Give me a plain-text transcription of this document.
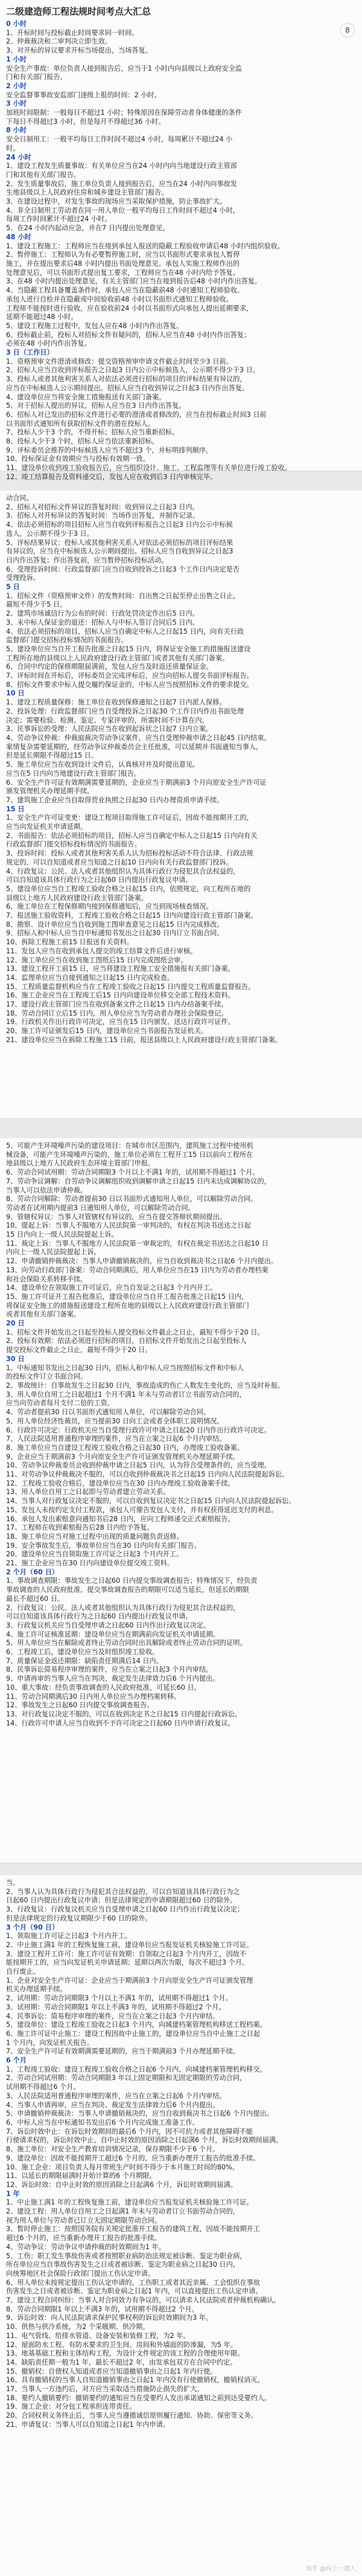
二级建造师工程法规时间考点大汇总
8
0 小时
1、开标时间与投标截止时间要求同一时间。
2、仲裁裁决和二审判决立即生效。
3、对开标的异议要求开标当场提出，当场答复。
1 小时
安全生产事故：单位负责人接到报告后，应当于1 小时内向县级以上政府安全监
门和有关部门报告。
2 小时
安全监督事事故安监部门逐级上报的时间：2 小时。
3 小时
加班时间限制：一般每日不超过1 小时；特殊原因在保障劳动者身体健康的条件
下每日不得超过3 小时，但是每月不得超过36 小时。
8 小时
安全日制用工：一般平均每日工作时间不超过4 小时，每周累计不超过24 小
时。
24 小时
1、建设工程发生质量事故：有关单位应当在24 小时内向当地建设行政主管部
门和其他有关部门报告。
2、发生质量事故后，施工单位负责人接到报告后，应当在24 小时内向事故发
生地县级以上人民政府住房和城乡建设主管部门报告。
3、在建设过程中，对发生事故的现场应当采取保护措施，防止事故扩大。
4、非全日制用工劳动者在同一用人单位一般平均每日工作时间不超过4 小时，
每周工作时间累计不超过24 小时。
5、在24 小时内起动应急，并在7 日内提出处理意见。
48 小时
1、建设工程施工：工程师应当在接到承包人报送的隐蔽工程验收申请后48 小时内组织验收。
2、暂停施工：工程师认为有必要暂停施工时，应当以书面形式要求承包人暂停
施工，并在提出要求后48 小时内提出书面处理意见。承包人实施工程师作出的
处理意见后，可以书面形式提出复工要求，工程师应当在48 小时内给予答复。
3、在48 小时内提出处理意见，有关主管部门应当在接到报告后48 小时内作出答复。
4、当隐蔽工程具备覆盖条件时，承包人应当在隐蔽前48 小时通知工程师验收。
承包人进行自检并在隐蔽或中间验收前48 小时以书面形式通知工程师验收。
工程师不能按时进行验收，应在验收前24 小时以书面形式向承包人提出延期要求，
延期不能超过48 小时。
5、建设工程施工过程中，发包人应在48 小时内作出答复。
6、投标截止前，投标人对招标文件有疑问的，招标人应当在48 小时内作出答复；
必须在48 小时内作出答复。
3 日（工作日）
1、资格预审文件澄清或修改：提交资格预审申请文件截止时间至少3 日前。
2、招标人应当自收到评标报告之日起3 日内公示中标候选人，公示期不得少于3 日。
3、投标人或者其他利害关系人对依法必须进行招标的项目的评标结果有异议的，
应当在中标候选人公示期间提出。招标人应当自收到异议之日起3 日内作出答复。
4、建设单位应当将安全施工措施报送有关部门备案。
5、对于招标人提出的异议，招标人应当在3 日内作出答复。
6、招标人对已发出的招标文件进行必要的澄清或者修改的，应当在投标截止时间3 日前
以书面形式通知所有获取招标文件的潜在投标人。
7、投标人少于3 个的，不得开标；招标人应当重新招标。
8、投标人少于3 个时，招标人应当依法重新招标。
9、评标委员会推荐的中标候选人应当不超过3 个，并标明排列顺序。
10、投标保证金有效期应当与投标有效期一致。
11、建设单位收到竣工验收报告后，应当组织设计、施工、工程监理等有关单位进行竣工验收。
12、竣工结算报告及资料递交后，发包人应在收到后3 日内审核完毕。
动合同。
2、招标人对招标文件异议的答复时间：收到异议之日起3 日内。
3、招标人对开标异议的答复时间：当场作出答复，并制作记录。
4、依法必须招标的项目招标人应当自收到评标报告之日起3 日内公示中标候
选人，公示期不得少于3 日。
5、评标结果异议：投标人或其他利害关系人对依法必须招标的项目评标结果
有异议的，应当在中标候选人公示期间提出。招标人应当自收到异议之日起3
日内作出答复；作出答复前，应当暂停招标投标活动。
6、受理投诉时间：行政监督部门应当自收到投诉之日起3 个工作日内决定是否
受理投诉。
5 日
1、招标文件（资格预审文件）的发售时间：自出售之日起至停止出售之日止，
最短不得少于5 日。
2、建筑市场诚信行为公布的时间：行政处罚决定作出后5 日内。
3、未中标人保证金的退还：招标人与中标人签订合同后5 日内。
4、依法必须招标的项目，招标人应当自确定中标人之日起15 日内，向有关行政
监督部门提交招标投标情况的书面报告。
5、建设单位应当自开工报告批准之日起15 日内，将保证安全施工的措施报送建设
工程所在地的县级以上人民政府建设行政主管部门或者其他有关部门备案。
6、合同中约定的保修期限届满前，发包人应当及时返还质量保证金。
7、评标时间在开标后，评标委员会完成评标后，应当向招标人提交书面评标报告。
8、招标文件要求中标人提交履约保证金的，中标人应当按照招标文件的要求提交。
10 日
1、建设工程质量保修：施工单位在收到保修通知之日起7 日内派人保修。
2、投诉处理：行政监督部门应当自受理投诉之日起30 个工作日内作出书面处理
决定；需要检验、检测、鉴定、专家评审的，所需时间不计算在内。
3、民事诉讼的受理：人民法院应当在收到起诉状之日起7 日内立案。
4、劳动争议仲裁：仲裁庭裁决劳动争议案件，应当自受理仲裁申请之日起45 日内结束。
案情复杂需要延期的，经劳动争议仲裁委员会主任批准，可以延期并书面通知当事人，
但是延长期限不得超过15 日。
5、施工单位应当在收到设计文件后，认真核对并及时提出意见。
应当在5 日内向当地建设行政主管部门报告。
6、安全生产许可证有效期满需要延期的，企业应当于期满前3 个月向原安全生产许可证
颁发管理机关办理延期手续。
7、建筑施工企业应当自取得营业执照之日起30 日内办理资质申请手续。
15 日
1、安全生产许可证变更：建设工程项目取得施工许可证后，因故不能按期开工的，
应当向发证机关申请延期。
2、书面报告：依法必须招标的项目，招标人应当自确定中标人之日起15 日内向有关
行政监督部门提交招标投标情况的书面报告。
3、投诉时间：投标人或者其他利害关系人认为招标投标活动不符合法律、行政法规
规定的，可以自知道或者应当知道之日起10 日内向有关行政监督部门投诉。
4、行政复议：公民、法人或者其他组织认为具体行政行为侵犯其合法权益的，
可以自知道该具体行政行为之日起60 日内提出行政复议申请。
5、建设单位应当自工程竣工验收合格之日起15 日内，依照规定，向工程所在地的
县级以上地方人民政府建设行政主管部门备案。
6、施工单位在工程保修期内接到保修通知后，应当到现场核查情况。
7、报送施工验收资料，工程竣工验收合格之日起15 日内向建设行政主管部门备案。
8、勘察、设计单位应当自收到施工图审查意见之日起15 日内完成修改。
9、招标人和中标人应当自中标通知书发出之日起30 日内订立书面合同。
10、拆除工程施工前15 日报送有关资料。
11、发包人应当在收到承包人提交的竣工结算文件后进行审核。
12、施工单位应当在收到施工图纸后15 日内完成图纸会审。
13、建设工程开工前15 日，应当将建设工程施工安全措施报有关部门备案。
14、监理单位应当自接到通知之日起15 日内完成检查。
15、工程质量监督机构应当在工程竣工验收之日起15 日内提交工程质量监督报告。
16、施工企业应当在工程竣工后15 日内向建设单位移交全部工程技术资料。
17、建设行政主管部门应当在收到备案文件之日起15 日内办结备案手续。
18、劳动合同订立后15 日内，用人单位应当为劳动者办理社会保险登记。
19、行政机关作出行政许可决定，应当在15 日内颁发、送达行政许可证件。
20、施工许可证颁发后15 日内，建设单位应当书面报告发证机关。
21、建设单位应当在拆除工程施工15 日前，报送县级以上人民政府建设行政主管部门备案。
5、可能产生环境噪声污染的建设项目：在城市市区范围内，建筑施工过程中使用机
械设备，可能产生环境噪声污染的，施工单位必须在工程开工15 日以前向工程所在
地县级以上地方人民政府生态环境主管部门申报。
6、劳动合同试用期：劳动合同期限3 个月以上不满1 年的，试用期不得超过1 个月。
7、劳动争议调解：自劳动争议调解组织收到调解申请之日起15 日内未达成调解协议的，
当事人可以依法申请仲裁。
8、劳动合同解除：劳动者提前30 日以书面形式通知用人单位，可以解除劳动合同。
劳动者在试用期内提前3 日通知用人单位，可以解除劳动合同。
9、管辖权异议：当事人对管辖权有异议的，应当在提交答辩状期间提出。
10、提起上诉：当事人不服地方人民法院第一审判决的，有权在判决书送达之日起
15 日内向上一级人民法院提起上诉。
11、裁定上诉：当事人不服地方人民法院第一审裁定的，有权在裁定书送达之日起10 日
内向上一级人民法院提起上诉。
12、申请撤销仲裁裁决：当事人申请撤销裁决的，应当自收到裁决书之日起6 个月内提出。
13、向劳动行政部门备案：劳动合同期满后，用人单位应当在15 日内为劳动者办理档案
和社会保险关系转移手续。
14、建设单位在领取施工许可证后，应当自发证之日起3 个月内开工。
15、施工许可证开工报告批准后，建设单位应当自开工报告批准之日起15 日内，
将保证安全施工的措施报送建设工程所在地的县级以上人民政府建设行政主管部门
或者其他有关部门备案。
20 日
1、招标文件开始发出之日起至投标人提交投标文件截止之日止，最短不得少于20 日。
2、投标有效期：依法必须进行招标的项目，自招标文件开始发出之日起至投标人
提交投标文件截止之日止，最短不得少于20 日。
30 日
1、中标通知书发出之日起30 日内，招标人和中标人应当按照招标文件和中标人
的投标文件订立书面合同。
2、事故统计：自事故发生之日起30 日内，事故造成的伤亡人数发生变化的，应当及时补报。
3、用人单位自用工之日起超过1 个月不满1 年未与劳动者订立书面劳动合同的，
应当向劳动者每月支付二倍的工资。
4、劳动者提前30 日以书面形式通知用人单位，可以解除劳动合同。
5、用人单位经济性裁员，应当提前30 日向工会或者全体职工说明情况。
6、行政许可决定：行政机关应当自受理行政许可申请之日起20 日内作出行政许可决定。
7、人民法院适用普通程序审理的案件，应当在立案之日起6 个月内审结。
8、施工单位应当自建设工程竣工验收合格之日起30 日内，办理竣工验收备案。
9、企业应当于期满前3 个月向原安全生产许可证颁发管理机关办理延期手续。
10、劳动争议仲裁委员会收到仲裁申请之日起5 日内，认为符合受理条件的，应当受理。
11、对劳动争议仲裁裁决不服的，可以自收到仲裁裁决书之日起15 日内向人民法院提起诉讼。
12、工程竣工验收合格后，建设单位应当在30 日内办理竣工验收备案手续。
13、用人单位自用工之日起即与劳动者建立劳动关系。
14、当事人对行政复议决定不服的，可以自收到复议决定书之日起15 日内向人民法院提起诉讼。
15、发包人未按约定支付工程款，承包人可催告发包人支付，并有权获得延迟支付的利息。
16、承包人发出索赔意向通知书后28 日内，应向工程师递交正式索赔报告。
17、工程师在收到索赔报告后28 日内给予答复。
18、施工单位应当对施工过程中出现的质量问题负责返修。
19、安全事故发生后，事故单位应当在30 日内向有关部门报告。
20、建设单位应当自领取施工许可证之日起3 个月内开工。
21、施工企业应当在30 日内向建设单位提交竣工资料。
2 个月（60 日）
1、事故调查期限：事故发生之日起60 日内提交事故调查报告；特殊情况下，经负责
事故调查的人民政府批准，提交事故调查报告的期限可以适当延长，但延长的期限
最长不超过60 日。
2、行政复议：公民、法人或者其他组织认为具体行政行为侵犯其合法权益的，
可以自知道该具体行政行为之日起60 日内提出行政复议申请。
3、行政复议机关应当自受理申请之日起60 日内作出行政复议决定。
4、施工许可证核准延期：建设单位应当在期满前向发证机关申请延期。
5、用人单位应当在解除或者终止劳动合同时出具解除或者终止劳动合同的证明。
6、工程竣工后，建设单位应当及时组织竣工验收。
7、质量保证金返还期限：缺陷责任期满后14 日内。
8、民事诉讼简易程序审理的案件，应当在立案之日起3 个月内审结。
9、申请再审的当事人应当在判决、裁定发生法律效力后6 个月内提出。
10、重大事故：经负责事故调查的人民政府批准，可延长60 日。
11、劳动合同期满后30 日内用人单位应当办理档案转移。
12、事故发生之日起60 日内提交事故调查报告。
13、对行政复议决定不服的，可以在收到决定书之日起15 日内提起行政诉讼。
14、行政许可申请人应当自收到不予许可决定之日起60 日内申请行政复议。
当。
2、当事人认为具体行政行为侵犯其合法权益的，可以自知道该具体行政行为之
日起60 日内提出行政复议申请；但是法律规定的申请期限超过60 日的除外。
3、行政复议：行政复议机关应当自受理申请之日起60 日内作出行政复议决定；
但是法律规定的行政复议期限少于60 日的除外。
3 个月（90 日）
1、领取施工许可证之日起3 个月内开工。
2、中止施工满1 年的工程恢复施工前，建设单位应当报发证机关核验施工许可证。
3、建设工程开工许可：施工许可证有效期：自领取之日起3 个月内开工，因故不
能按期开工的，应当向发证机关申请延期；延期以两次为限，每次不超过3 个月。
自行废止。
1、企业对安全生产许可证：企业应当于期满前3 个月向原安全生产许可证颁发管理
机关办理延期手续。
2、试用期：劳动合同期限3 个月以上不满1 年的，试用期不得超过1 个月。
3、试用期：劳动合同期限1 年以上不满3 年的，试用期不得超过2 个月。
4、民事诉讼：简易程序审理的案件，应当在立案之日起3 个月内审结。
5、建设单位：建设工程竣工验收之日起3 个月内，向城建档案管理机构移送工程档案。
6、施工许可证中止施工：建设工程因故中止施工的，建设单位应当自中止施工之日起
1 个月内，向发证机关报告。
7、安全生产许可证有效期满需要延期的，应当于期满前3 个月办理延期手续。
6 个月
1、工程竣工验收：建设工程竣工验收合格之日起6 个月内，向城建档案管理机构移交。
2、劳动合同试用期：劳动合同期限3 年以上固定期限和无固定期限的劳动合同，
试用期不得超过6 个月。
3、人民法院适用普通程序审理的案件，应当在立案之日起6 个月内审结。
4、当事人申请再审，应当在判决、裁定发生法律效力后6 个月内提出。
5、申请撤销仲裁裁决：当事人申请撤销裁决的，应当自收到裁决书之日起6 个月内提出。
6、中标人应当在中标通知书发出后6 个月内完成施工准备工作。
7、诉讼时效中止：在诉讼时效期间的最后6 个月内，因不可抗力或者其他障碍不能
行使请求权的，诉讼时效中止。自中止时效的原因消除之日起满6 个月，诉讼时效期间届满。
8、施工单位：对安全生产教育培训情况记录，保存期限不少于6 个月。
9、建设单位：因故不能按期开工超过6 个月的，应当重新办理开工报告的批准手续。
10、施工企业：项目负责人每月带班生产时间不得少于本月施工时间的80%。
11、以延长的期限届满时开始计算的6 个月期限。
12、诉讼时效：自中止时效的原因消除之日起满6 个月，诉讼时效期间届满。
1 年
1、中止施工满1 年的工程恢复施工前，建设单位应当报发证机关核验施工许可证。
2、建设工程：用人单位自用工之日起满1 年未与劳动者订立书面劳动合同的，
视为用人单位与劳动者已订立无固定期限劳动合同。
3、暂时停止施工：按照国务院有关规定批准开工报告的建筑工程，因故不能按期开工
超过6 个月的，应当重新办理开工报告的批准手续。
4、劳动争议：劳动争议申请仲裁的时效期间为1 年。
5、工伤：职工发生事故伤害或者按照职业病防治法规定被诊断、鉴定为职业病，
所在单位应当自事故伤害发生之日或者被诊断、鉴定为职业病之日起30 日内，
向统筹地区社会保险行政部门提出工伤认定申请。
6、用人单位未按规定提出工伤认定申请的，工伤职工或者其近亲属、工会组织在事故
伤害发生之日或者被诊断、鉴定为职业病之日起1 年内，可以直接提出工伤认定申请。
7、建设工程合同纠纷：当事人对合同效力有争议的，可以请求人民法院或者仲裁机构确认。
8、劳动合同期限1 年以上不满3 年的，试用期不得超过2 个月。
9、诉讼时效：向人民法院请求保护民事权利的诉讼时效期间为3 年。
10、供热与供冷系统，为2 个采暖期、供冷期。
11、电气管线、给排水管道、设备安装和装修工程，为2 年。
12、屋面防水工程、有防水要求的卫生间、房间和外墙面的防渗漏，为5 年。
13、地基基础工程和主体结构工程，为设计文件规定的该工程的合理使用年限。
14、缺陷责任期一般为1 年，最长不超过2 年，由发承包双方在合同中约定。
15、撤销权：自债权人知道或者应当知道撤销事由之日起1 年内行使。
16、具有撤销权的当事人自知道撤销事由之日起1 年内没有行使撤销权，撤销权消灭。
17、当事人一方违约后，对方应当采取适当措施防止损失的扩大。
18、要约人撤销要约：撤销要约的通知应当在受要约人发出承诺通知之前到达受要约人。
19、施工企业：对分包工程承担连带责任。
20、合同权利义务终止后，当事人应当遵循诚信原则履行通知、协助、保密等义务。
21、申请复议：当事人可以自知道之日起1 年内申请。
知乎 @向上一建人
